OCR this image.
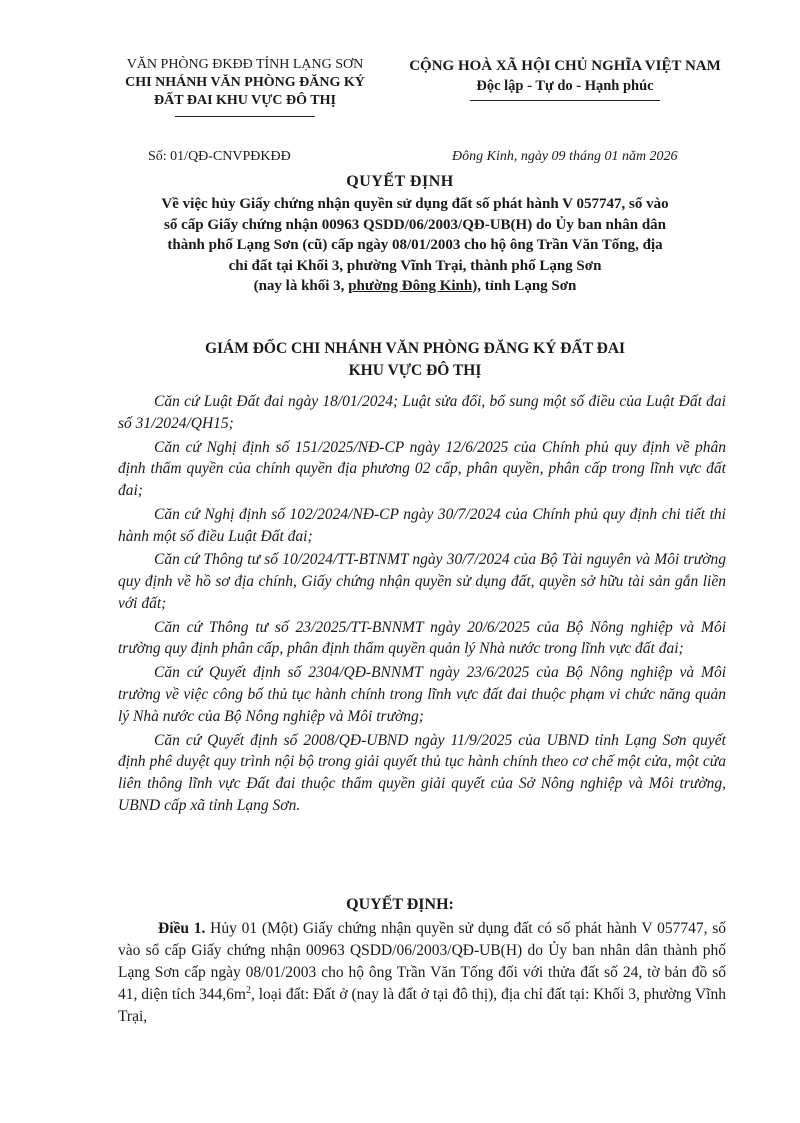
VĂN PHÒNG ĐKĐĐ TỈNH LẠNG SƠN
CHI NHÁNH VĂN PHÒNG ĐĂNG KÝ
ĐẤT ĐAI KHU VỰC ĐÔ THỊ
CỘNG HOÀ XÃ HỘI CHỦ NGHĨA VIỆT NAM
Độc lập - Tự do - Hạnh phúc
Số: 01/QĐ-CNVPĐKĐĐ	Đông Kinh, ngày 09 tháng 01 năm 2026
QUYẾT ĐỊNH
Về việc hủy Giấy chứng nhận quyền sử dụng đất số phát hành V 057747, số vào
sổ cấp Giấy chứng nhận 00963 QSDD/06/2003/QĐ-UB(H) do Ủy ban nhân dân
thành phố Lạng Sơn (cũ) cấp ngày 08/01/2003 cho hộ ông Trần Văn Tống, địa
chỉ đất tại Khối 3, phường Vĩnh Trại, thành phố Lạng Sơn
(nay là khối 3, phường Đông Kinh), tỉnh Lạng Sơn
GIÁM ĐỐC CHI NHÁNH VĂN PHÒNG ĐĂNG KÝ ĐẤT ĐAI
KHU VỰC ĐÔ THỊ

Căn cứ Luật Đất đai ngày 18/01/2024; Luật sửa đổi, bổ sung một số điều của Luật Đất đai số 31/2024/QH15;

Căn cứ Nghị định số 151/2025/NĐ-CP ngày 12/6/2025 của Chính phủ quy định về phân định thẩm quyền của chính quyền địa phương 02 cấp, phân quyền, phân cấp trong lĩnh vực đất đai;

Căn cứ Nghị định số 102/2024/NĐ-CP ngày 30/7/2024 của Chính phủ quy định chi tiết thi hành một số điều Luật Đất đai;

Căn cứ Thông tư số 10/2024/TT-BTNMT ngày 30/7/2024 của Bộ Tài nguyên và Môi trường quy định về hồ sơ địa chính, Giấy chứng nhận quyền sử dụng đất, quyền sở hữu tài sản gắn liền với đất;

Căn cứ Thông tư số 23/2025/TT-BNNMT ngày 20/6/2025 của Bộ Nông nghiệp và Môi trường quy định phân cấp, phân định thẩm quyền quản lý Nhà nước trong lĩnh vực đất đai;

Căn cứ Quyết định số 2304/QĐ-BNNMT ngày 23/6/2025 của Bộ Nông nghiệp và Môi trường về việc công bố thủ tục hành chính trong lĩnh vực đất đai thuộc phạm vi chức năng quản lý Nhà nước của Bộ Nông nghiệp và Môi trường;

Căn cứ Quyết định số 2008/QĐ-UBND ngày 11/9/2025 của UBND tỉnh Lạng Sơn quyết định phê duyệt quy trình nội bộ trong giải quyết thủ tục hành chính theo cơ chế một cửa, một cửa liên thông lĩnh vực Đất đai thuộc thẩm quyền giải quyết của Sở Nông nghiệp và Môi trường, UBND cấp xã tỉnh Lạng Sơn.

QUYẾT ĐỊNH:
Điều 1. Hủy 01 (Một) Giấy chứng nhận quyền sử dụng đất có số phát hành V 057747, số vào sổ cấp Giấy chứng nhận 00963 QSDD/06/2003/QĐ-UB(H) do Ủy ban nhân dân thành phố Lạng Sơn cấp ngày 08/01/2003 cho hộ ông Trần Văn Tống đối với thửa đất số 24, tờ bản đồ số 41, diện tích $344,6m^2$, loại đất: Đất ở (nay là đất ở tại đô thị), địa chỉ đất tại: Khối 3, phường Vĩnh Trại,
